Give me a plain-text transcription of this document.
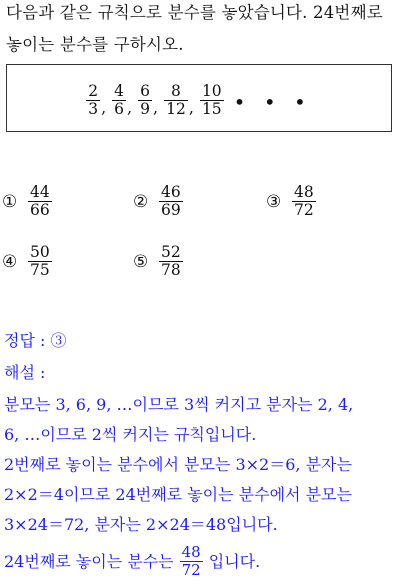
다음과 같은 규칙으로 분수를 놓았습니다. 24번째로
놓이는 분수를 구하시오.
$\frac{2}{3}$ , $\frac{4}{6}$ , $\frac{6}{9}$ , $\frac{8}{12}$ , $\frac{10}{15}$ • • •
① $\frac{44}{66}$	② $\frac{46}{69}$	③ $\frac{48}{72}$
④ $\frac{50}{75}$	⑤ $\frac{52}{78}$
정답 : ③
해설 :
분모는 3, 6, 9, …이므로 3씩 커지고 분자는 2, 4,
6, …이므로 2씩 커지는 규칙입니다.
2번째로 놓이는 분수에서 분모는 3×2＝6, 분자는
2×2＝4이므로 24번째로 놓이는 분수에서 분모는
3×24＝72, 분자는 2×24＝48입니다.
24번째로 놓이는 분수는 $\frac{48}{72}$ 입니다.
